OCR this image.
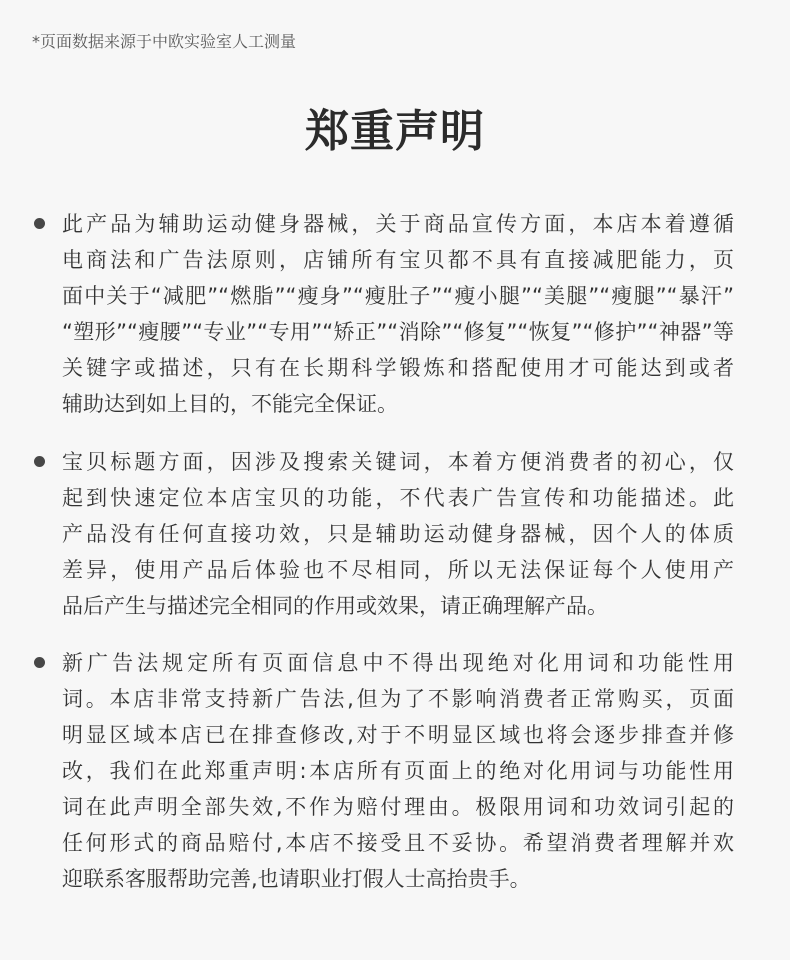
*页面数据来源于中欧实验室人工测量
郑重声明
此产品为辅助运动健身器械，关于商品宣传方面，本店本着遵循
电商法和广告法原则，店铺所有宝贝都不具有直接减肥能力，页
面中关于“减肥”“燃脂”“瘦身”“瘦肚子”“瘦小腿”“美腿”“瘦腿”“暴汗”
“塑形”“瘦腰”“专业”“专用”“矫正”“消除”“修复”“恢复”“修护”“神器”等
关键字或描述，只有在长期科学锻炼和搭配使用才可能达到或者
辅助达到如上目的，不能完全保证。
宝贝标题方面，因涉及搜索关键词，本着方便消费者的初心，仅
起到快速定位本店宝贝的功能，不代表广告宣传和功能描述。此
产品没有任何直接功效，只是辅助运动健身器械，因个人的体质
差异，使用产品后体验也不尽相同，所以无法保证每个人使用产
品后产生与描述完全相同的作用或效果，请正确理解产品。
新广告法规定所有页面信息中不得出现绝对化用词和功能性用
词。本店非常支持新广告法,但为了不影响消费者正常购买，页面
明显区域本店已在排查修改,对于不明显区域也将会逐步排查并修
改，我们在此郑重声明:本店所有页面上的绝对化用词与功能性用
词在此声明全部失效,不作为赔付理由。极限用词和功效词引起的
任何形式的商品赔付,本店不接受且不妥协。希望消费者理解并欢
迎联系客服帮助完善,也请职业打假人士高抬贵手。
